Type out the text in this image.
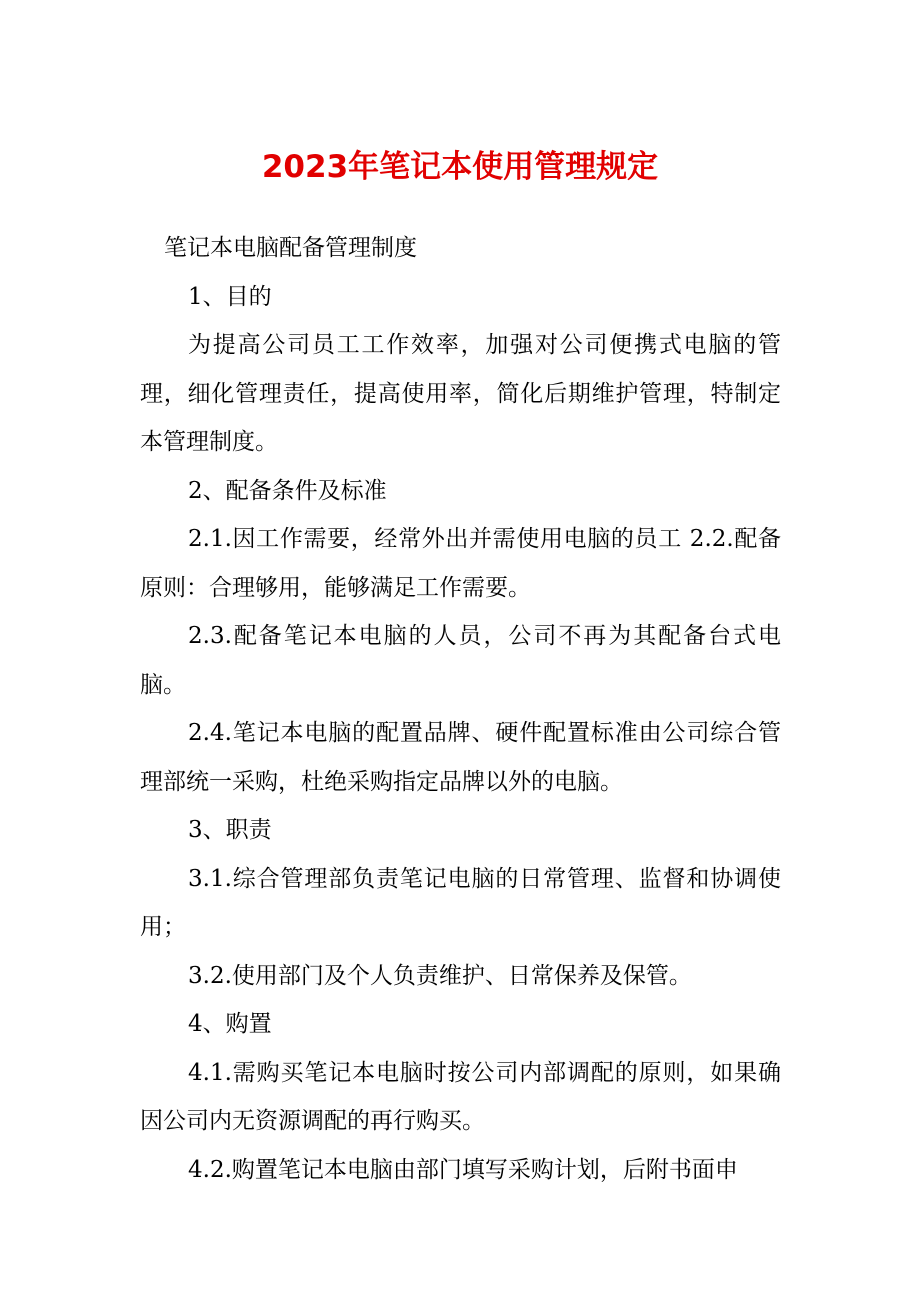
2023年笔记本使用管理规定

笔记本电脑配备管理制度

1、目的

为提高公司员工工作效率，加强对公司便携式电脑的管理，细化管理责任，提高使用率，简化后期维护管理，特制定本管理制度。

2、配备条件及标准

2.1.因工作需要，经常外出并需使用电脑的员工 2.2.配备原则：合理够用，能够满足工作需要。

2.3.配备笔记本电脑的人员，公司不再为其配备台式电脑。

2.4.笔记本电脑的配置品牌、硬件配置标准由公司综合管理部统一采购，杜绝采购指定品牌以外的电脑。

3、职责

3.1.综合管理部负责笔记电脑的日常管理、监督和协调使用；

3.2.使用部门及个人负责维护、日常保养及保管。

4、购置

4.1.需购买笔记本电脑时按公司内部调配的原则，如果确因公司内无资源调配的再行购买。

4.2.购置笔记本电脑由部门填写采购计划，后附书面申
